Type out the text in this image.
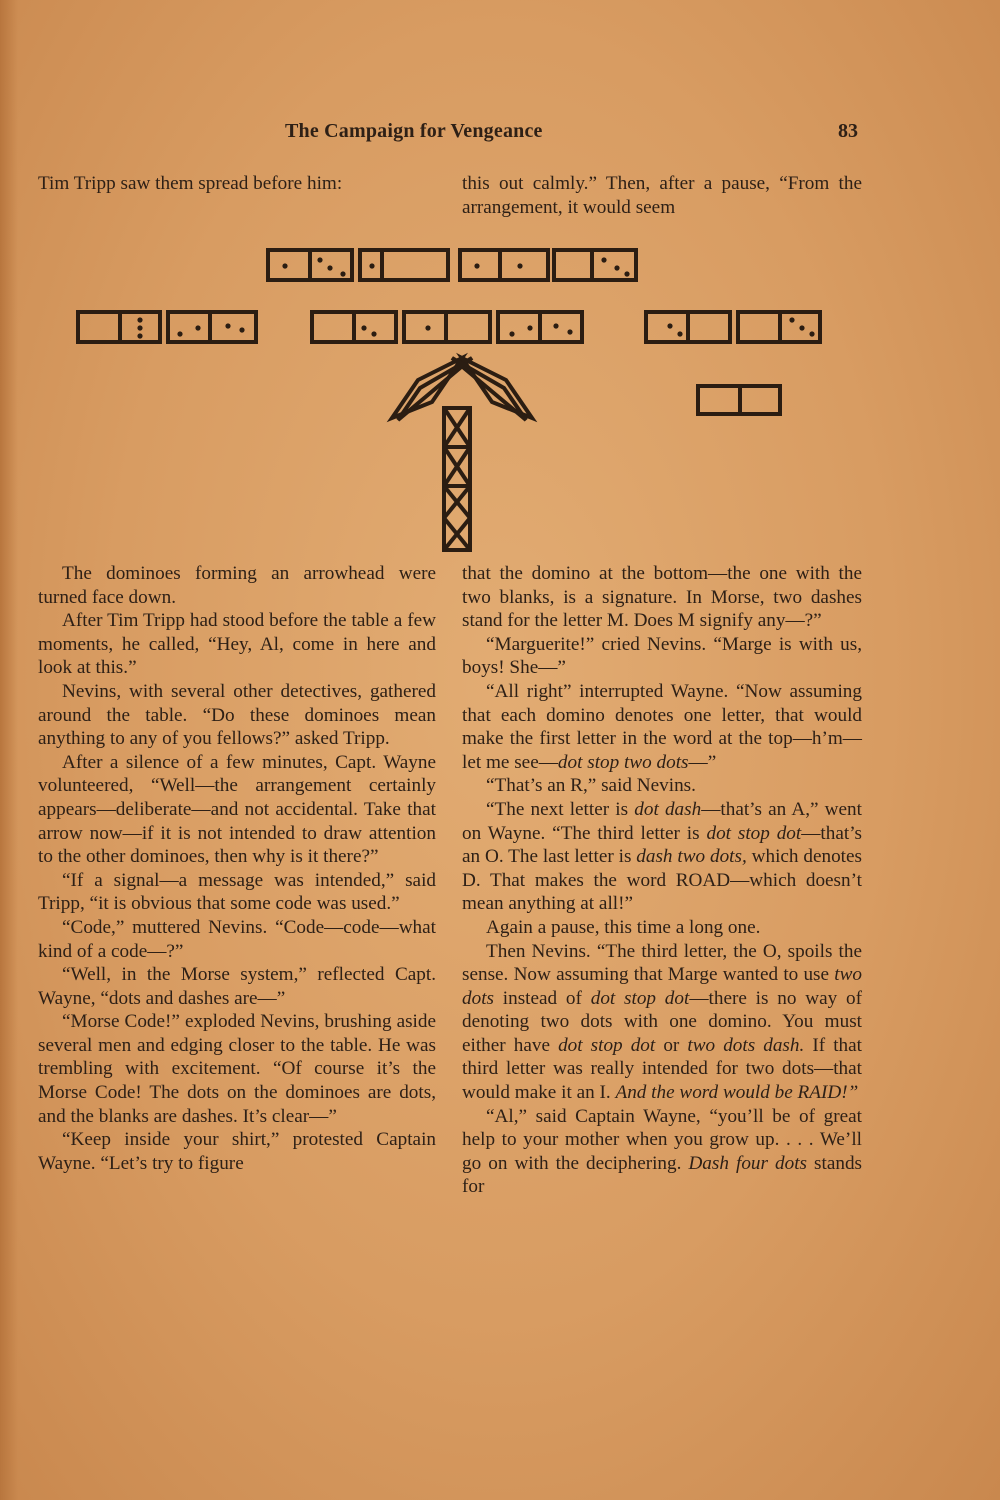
The Campaign for Vengeance	83

Tim Tripp saw them spread before him:	this out calmly.” Then, after a pause, “From the arrangement, it would seem

The dominoes forming an arrowhead were turned face down.

After Tim Tripp had stood before the table a few moments, he called, “Hey, Al, come in here and look at this.”

Nevins, with several other detectives, gathered around the table. “Do these dominoes mean anything to any of you fellows?” asked Tripp.

After a silence of a few minutes, Capt. Wayne volunteered, “Well—the arrangement certainly appears—deliberate—and not accidental. Take that arrow now—if it is not intended to draw attention to the other dominoes, then why is it there?”

“If a signal—a message was intended,” said Tripp, “it is obvious that some code was used.”

“Code,” muttered Nevins. “Code—code—what kind of a code—?”

“Well, in the Morse system,” reflected Capt. Wayne, “dots and dashes are—”

“Morse Code!” exploded Nevins, brushing aside several men and edging closer to the table. He was trembling with excitement. “Of course it’s the Morse Code! The dots on the dominoes are dots, and the blanks are dashes. It’s clear—”

“Keep inside your shirt,” protested Captain Wayne. “Let’s try to figure

that the domino at the bottom—the one with the two blanks, is a signature. In Morse, two dashes stand for the letter M. Does M signify any—?”

“Marguerite!” cried Nevins. “Marge is with us, boys! She—”

“All right” interrupted Wayne. “Now assuming that each domino denotes one letter, that would make the first letter in the word at the top—h’m—let me see—dot stop two dots—”

“That’s an R,” said Nevins.

“The next letter is dot dash—that’s an A,” went on Wayne. “The third letter is dot stop dot—that’s an O. The last letter is dash two dots, which denotes D. That makes the word ROAD—which doesn’t mean anything at all!”

Again a pause, this time a long one.

Then Nevins. “The third letter, the O, spoils the sense. Now assuming that Marge wanted to use two dots instead of dot stop dot—there is no way of denoting two dots with one domino. You must either have dot stop dot or two dots dash. If that third letter was really intended for two dots—that would make it an I. And the word would be RAID!”

“Al,” said Captain Wayne, “you’ll be of great help to your mother when you grow up. . . . We’ll go on with the deciphering. Dash four dots stands for
